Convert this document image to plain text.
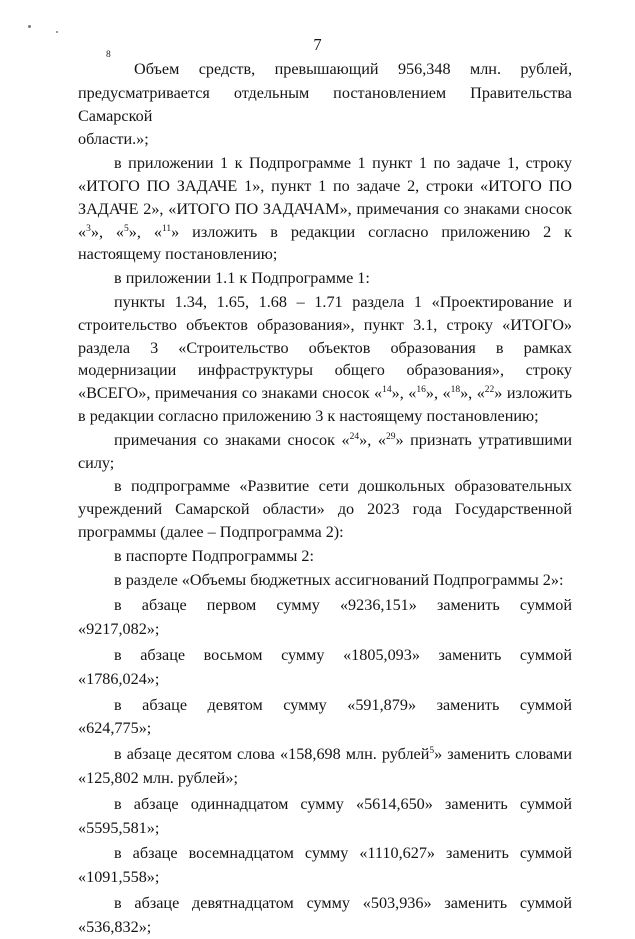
7
8
Объем средств, превышающий 956,348 млн. рублей,
предусматривается отдельным постановлением Правительства Самарской
области.»;
в приложении 1 к Подпрограмме 1 пункт 1 по задаче 1, строку «ИТОГО ПО ЗАДАЧЕ 1», пункт 1 по задаче 2, строки «ИТОГО ПО ЗАДАЧЕ 2», «ИТОГО ПО ЗАДАЧАМ», примечания со знаками сносок «$^3$», «$^5$», «$^{11}$» изложить в редакции согласно приложению 2 к настоящему постановлению;
в приложении 1.1 к Подпрограмме 1:
пункты 1.34, 1.65, 1.68 – 1.71 раздела 1 «Проектирование и строительство объектов образования», пункт 3.1, строку «ИТОГО» раздела 3 «Строительство объектов образования в рамках модернизации инфраструктуры общего образования», строку «ВСЕГО», примечания со знаками сносок «$^{14}$», «$^{16}$», «$^{18}$», «$^{22}$» изложить в редакции согласно приложению 3 к настоящему постановлению;
примечания со знаками сносок «$^{24}$», «$^{29}$» признать утратившими силу;
в подпрограмме «Развитие сети дошкольных образовательных учреждений Самарской области» до 2023 года Государственной программы (далее – Подпрограмма 2):
в паспорте Подпрограммы 2:
в разделе «Объемы бюджетных ассигнований Подпрограммы 2»:
в абзаце первом сумму «9236,151» заменить суммой
«9217,082»;
в абзаце восьмом сумму «1805,093» заменить суммой
«1786,024»;
в абзаце девятом сумму «591,879» заменить суммой
«624,775»;
в абзаце десятом слова «158,698 млн. рублей$^5$» заменить словами
«125,802 млн. рублей»;
в абзаце одиннадцатом сумму «5614,650» заменить суммой
«5595,581»;
в абзаце восемнадцатом сумму «1110,627» заменить суммой
«1091,558»;
в абзаце девятнадцатом сумму «503,936» заменить суммой
«536,832»;
